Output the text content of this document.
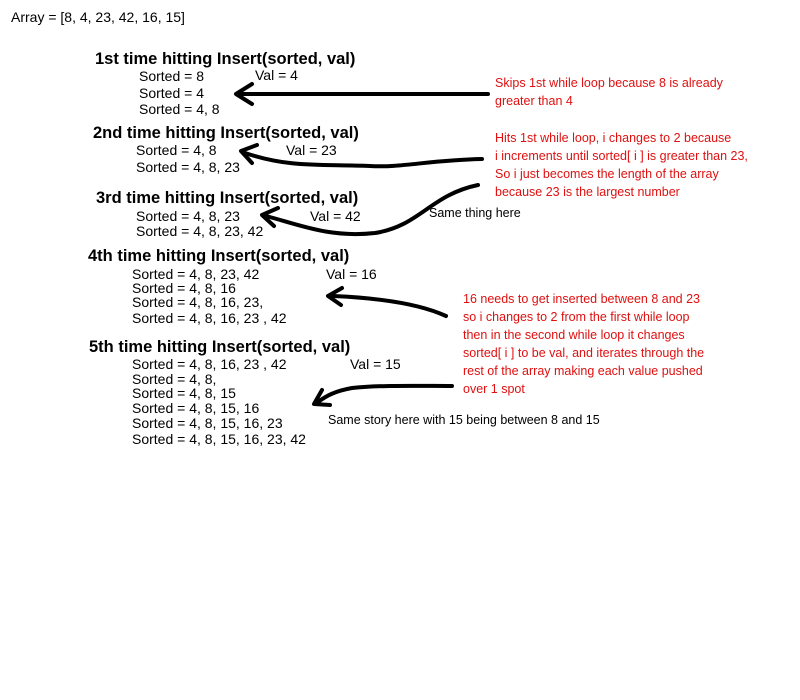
Array = [8, 4, 23, 42, 16, 15]
1st time hitting Insert(sorted, val)
Val = 4
Sorted = 8
Sorted = 4
Sorted = 4, 8
2nd time hitting Insert(sorted, val)
Val = 23
Sorted = 4, 8
Sorted = 4, 8, 23
3rd time hitting Insert(sorted, val)
Val = 42
Sorted = 4, 8, 23
Sorted = 4, 8, 23, 42
4th time hitting Insert(sorted, val)
Val = 16
Sorted = 4, 8, 23, 42
Sorted = 4, 8, 16
Sorted = 4, 8, 16, 23,
Sorted = 4, 8, 16, 23 , 42
5th time hitting Insert(sorted, val)
Val = 15
Sorted = 4, 8, 16, 23 , 42
Sorted = 4, 8,
Sorted = 4, 8, 15
Sorted = 4, 8, 15, 16
Sorted = 4, 8, 15, 16, 23
Sorted = 4, 8, 15, 16, 23, 42
Skips 1st while loop because 8 is already
greater than 4
Hits 1st while loop, i changes to 2 because
i increments until sorted[ i ] is greater than 23,
So i just becomes the length of the array
because 23 is the largest number
Same thing here
16 needs to get inserted between 8 and 23
so i changes to 2 from the first while loop
then in the second while loop it changes
sorted[ i ] to be val, and iterates through the
rest of the array making each value pushed
over 1 spot
Same story here with 15 being between 8 and 15
